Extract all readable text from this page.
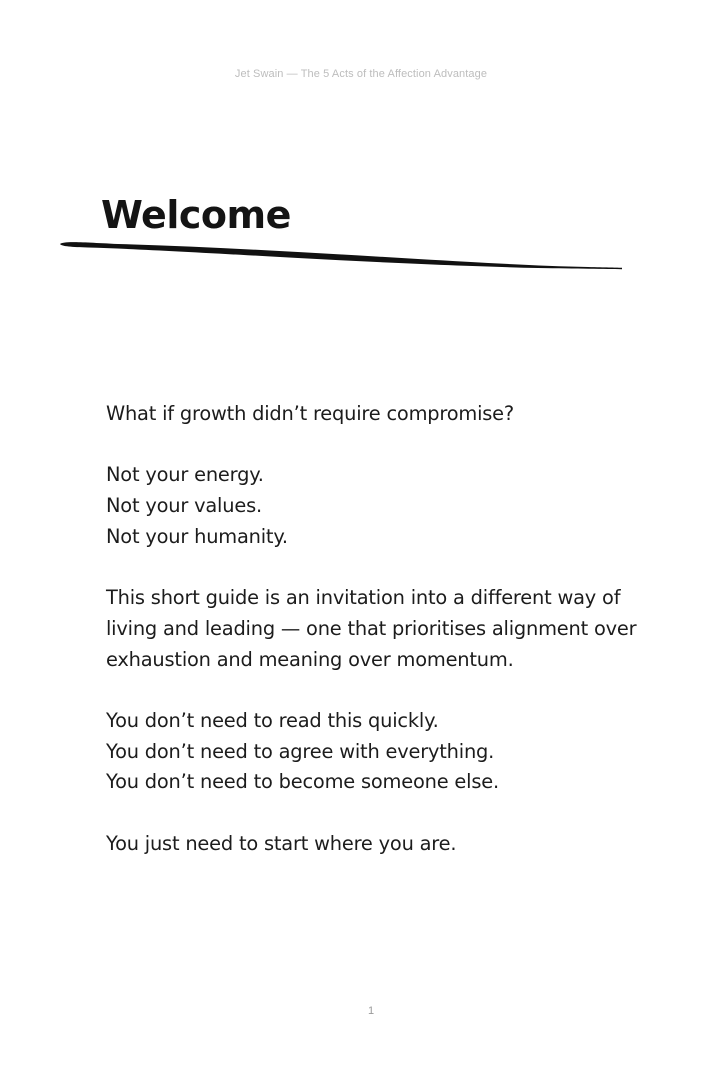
Jet Swain — The 5 Acts of the Affection Advantage
Welcome

What if growth didn’t require compromise?

Not your energy.
Not your values.
Not your humanity.

This short guide is an invitation into a different way of
living and leading — one that prioritises alignment over
exhaustion and meaning over momentum.

You don’t need to read this quickly.
You don’t need to agree with everything.
You don’t need to become someone else.

You just need to start where you are.

1
